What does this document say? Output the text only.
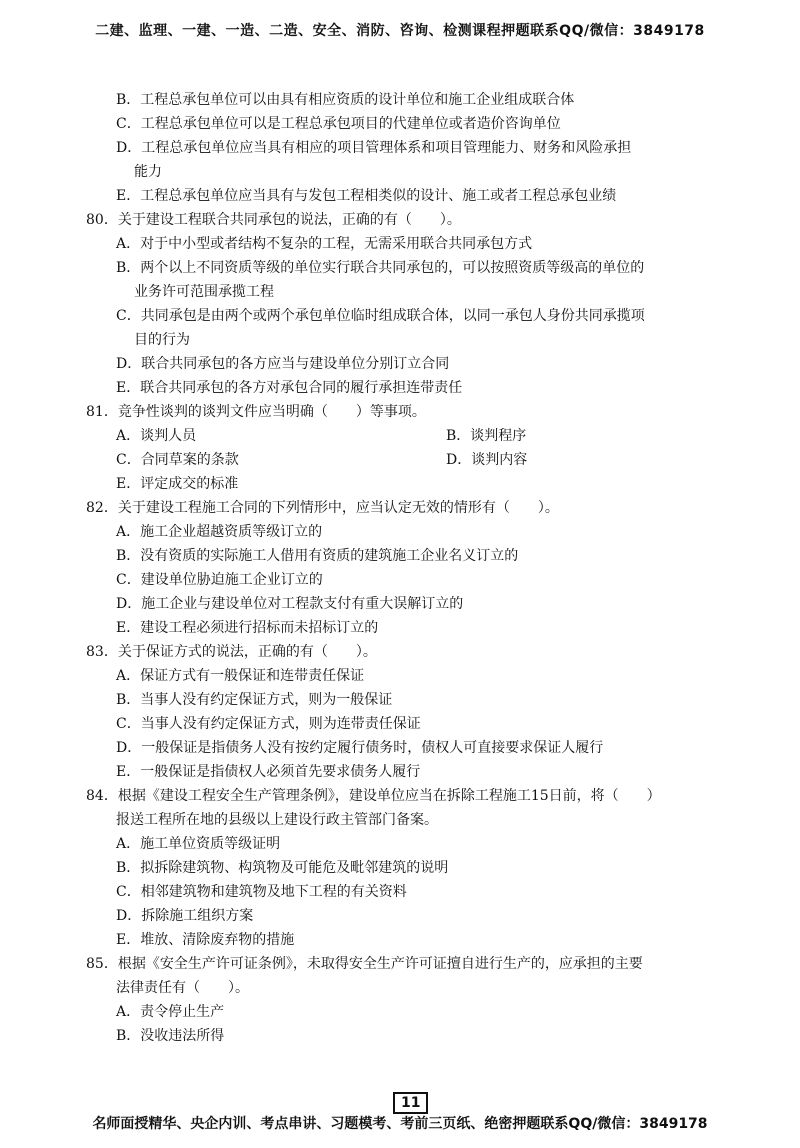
二建、监理、一建、一造、二造、安全、消防、咨询、检测课程押题联系QQ/微信：3849178
B．工程总承包单位可以由具有相应资质的设计单位和施工企业组成联合体
C．工程总承包单位可以是工程总承包项目的代建单位或者造价咨询单位
D．工程总承包单位应当具有相应的项目管理体系和项目管理能力、财务和风险承担
能力
E．工程总承包单位应当具有与发包工程相类似的设计、施工或者工程总承包业绩
80．关于建设工程联合共同承包的说法，正确的有（　　）。
A．对于中小型或者结构不复杂的工程，无需采用联合共同承包方式
B．两个以上不同资质等级的单位实行联合共同承包的，可以按照资质等级高的单位的
业务许可范围承揽工程
C．共同承包是由两个或两个承包单位临时组成联合体，以同一承包人身份共同承揽项
目的行为
D．联合共同承包的各方应当与建设单位分别订立合同
E．联合共同承包的各方对承包合同的履行承担连带责任
81．竞争性谈判的谈判文件应当明确（　　）等事项。
A．谈判人员	B．谈判程序
C．合同草案的条款	D．谈判内容
E．评定成交的标准
82．关于建设工程施工合同的下列情形中，应当认定无效的情形有（　　）。
A．施工企业超越资质等级订立的
B．没有资质的实际施工人借用有资质的建筑施工企业名义订立的
C．建设单位胁迫施工企业订立的
D．施工企业与建设单位对工程款支付有重大误解订立的
E．建设工程必须进行招标而未招标订立的
83．关于保证方式的说法，正确的有（　　）。
A．保证方式有一般保证和连带责任保证
B．当事人没有约定保证方式，则为一般保证
C．当事人没有约定保证方式，则为连带责任保证
D．一般保证是指债务人没有按约定履行债务时，债权人可直接要求保证人履行
E．一般保证是指债权人必须首先要求债务人履行
84．根据《建设工程安全生产管理条例》，建设单位应当在拆除工程施工15日前，将（　　）
报送工程所在地的县级以上建设行政主管部门备案。
A．施工单位资质等级证明
B．拟拆除建筑物、构筑物及可能危及毗邻建筑的说明
C．相邻建筑物和建筑物及地下工程的有关资料
D．拆除施工组织方案
E．堆放、清除废弃物的措施
85．根据《安全生产许可证条例》，未取得安全生产许可证擅自进行生产的，应承担的主要
法律责任有（　　）。
A．责令停止生产
B．没收违法所得
11
名师面授精华、央企内训、考点串讲、习题模考、考前三页纸、绝密押题联系QQ/微信：3849178
